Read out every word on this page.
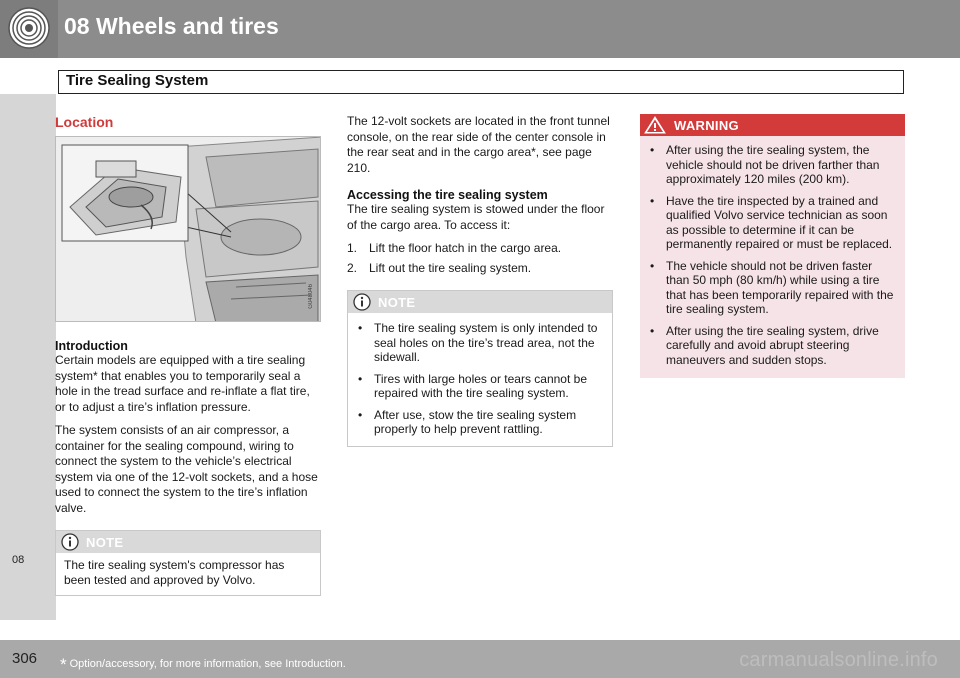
08 Wheels and tires
Tire Sealing System
08
Location
G048046
Introduction

Certain models are equipped with a tire sealing system* that enables you to temporarily seal a hole in the tread surface and re-inflate a flat tire, or to adjust a tire’s inflation pressure.

The system consists of an air compressor, a container for the sealing compound, wiring to connect the system to the vehicle’s electrical system via one of the 12-volt sockets, and a hose used to connect the system to the tire’s inflation valve.

NOTE

The tire sealing system's compressor has been tested and approved by Volvo.

The 12-volt sockets are located in the front tunnel console, on the rear side of the center console in the rear seat and in the cargo area*, see page 210.

Accessing the tire sealing system

The tire sealing system is stowed under the floor of the cargo area. To access it:

1. Lift the floor hatch in the cargo area.
2. Lift out the tire sealing system.
NOTE
• The tire sealing system is only intended to seal holes on the tire’s tread area, not the sidewall.
• Tires with large holes or tears cannot be repaired with the tire sealing system.
• After use, stow the tire sealing system properly to help prevent rattling.
WARNING
• After using the tire sealing system, the vehicle should not be driven farther than approximately 120 miles (200 km).
• Have the tire inspected by a trained and qualified Volvo service technician as soon as possible to determine if it can be permanently repaired or must be replaced.
• The vehicle should not be driven faster than 50 mph (80 km/h) while using a tire that has been temporarily repaired with the tire sealing system.
• After using the tire sealing system, drive carefully and avoid abrupt steering maneuvers and sudden stops.
306 * Option/accessory, for more information, see Introduction.	carmanualsonline.info
